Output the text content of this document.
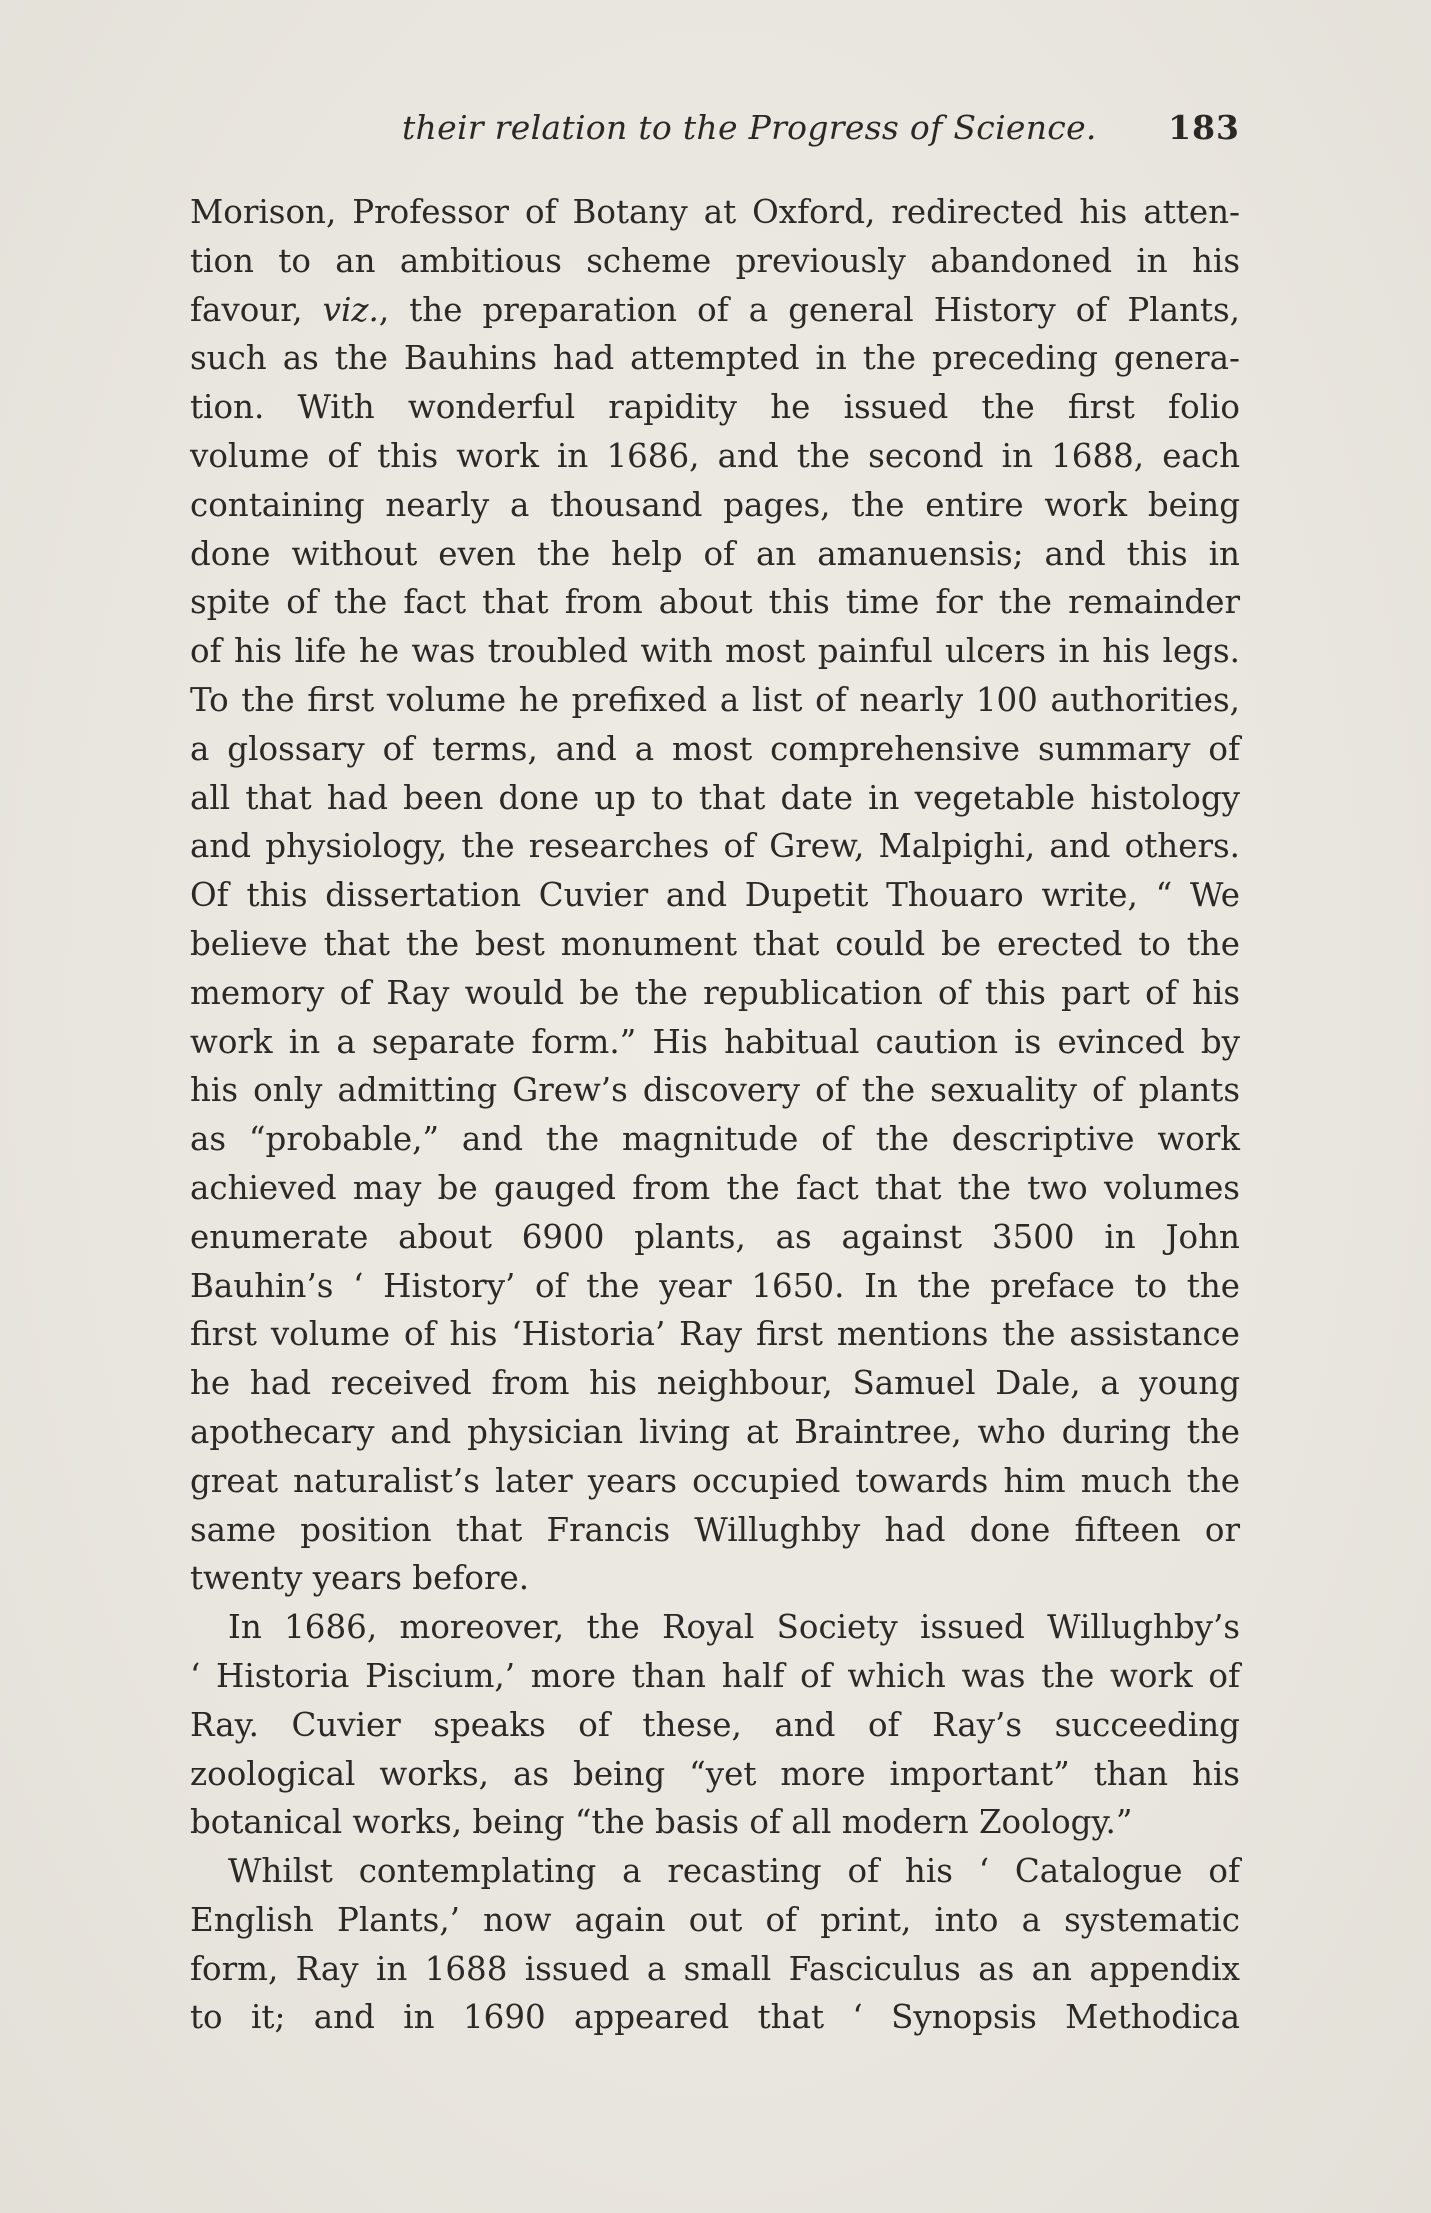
their relation to the Progress of Science. 183

Morison, Professor of Botany at Oxford, redirected his atten-
tion to an ambitious scheme previously abandoned in his
favour, viz., the preparation of a general History of Plants,
such as the Bauhins had attempted in the preceding genera-
tion. With wonderful rapidity he issued the first folio
volume of this work in 1686, and the second in 1688, each
containing nearly a thousand pages, the entire work being
done without even the help of an amanuensis; and this in
spite of the fact that from about this time for the remainder
of his life he was troubled with most painful ulcers in his legs.
To the first volume he prefixed a list of nearly 100 authorities,
a glossary of terms, and a most comprehensive summary of
all that had been done up to that date in vegetable histology
and physiology, the researches of Grew, Malpighi, and others.
Of this dissertation Cuvier and Dupetit Thouaro write, “ We
believe that the best monument that could be erected to the
memory of Ray would be the republication of this part of his
work in a separate form.” His habitual caution is evinced by
his only admitting Grew’s discovery of the sexuality of plants
as “probable,” and the magnitude of the descriptive work
achieved may be gauged from the fact that the two volumes
enumerate about 6900 plants, as against 3500 in John
Bauhin’s ‘ History’ of the year 1650. In the preface to the
first volume of his ‘Historia’ Ray first mentions the assistance
he had received from his neighbour, Samuel Dale, a young
apothecary and physician living at Braintree, who during the
great naturalist’s later years occupied towards him much the
same position that Francis Willughby had done fifteen or
twenty years before.

In 1686, moreover, the Royal Society issued Willughby’s
‘ Historia Piscium,’ more than half of which was the work of
Ray. Cuvier speaks of these, and of Ray’s succeeding
zoological works, as being “yet more important” than his
botanical works, being “the basis of all modern Zoology.”

Whilst contemplating a recasting of his ‘ Catalogue of
English Plants,’ now again out of print, into a systematic
form, Ray in 1688 issued a small Fasciculus as an appendix
to it; and in 1690 appeared that ‘ Synopsis Methodica
